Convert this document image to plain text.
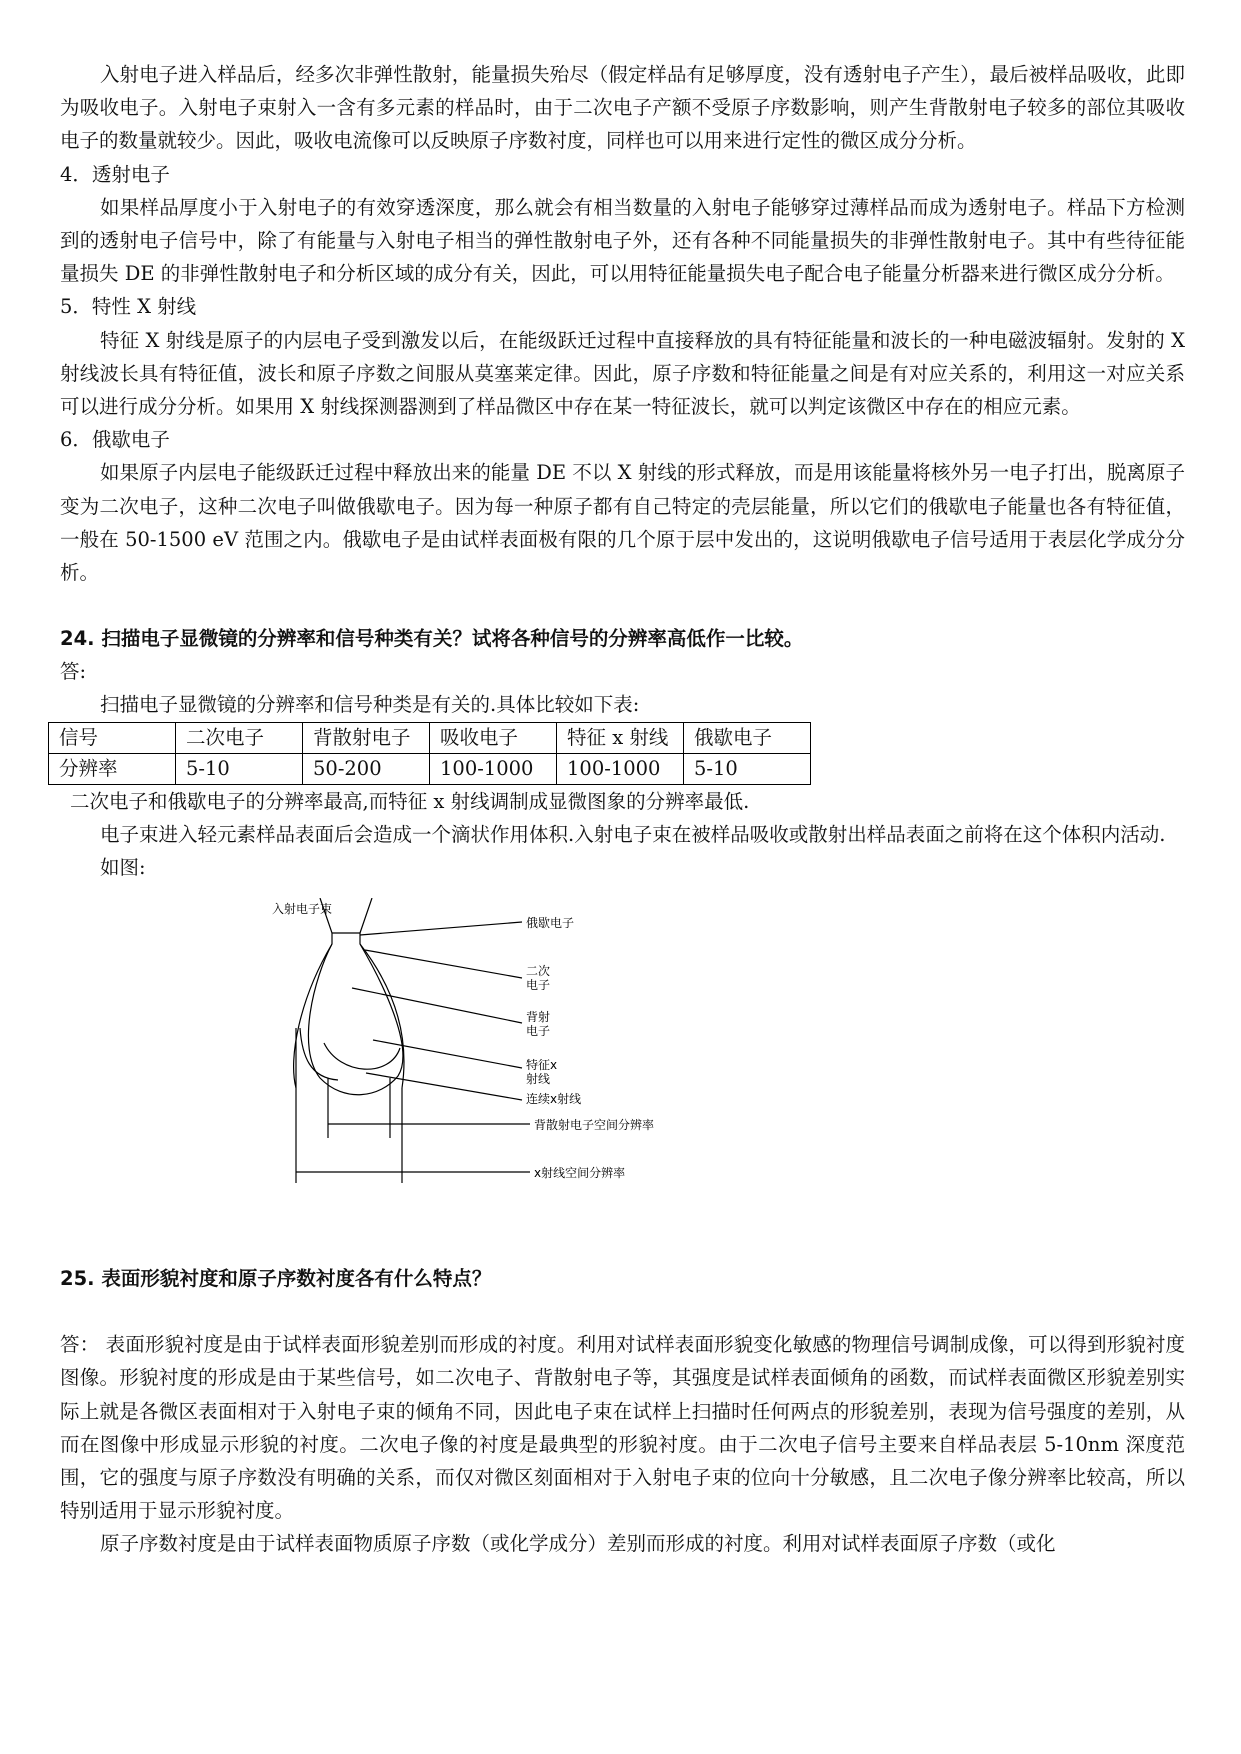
入射电子进入样品后，经多次非弹性散射，能量损失殆尽（假定样品有足够厚度，没有透射电子产生），最后被样品吸收，此即为吸收电子。入射电子束射入一含有多元素的样品时，由于二次电子产额不受原子序数影响，则产生背散射电子较多的部位其吸收电子的数量就较少。因此，吸收电流像可以反映原子序数衬度，同样也可以用来进行定性的微区成分分析。

4．透射电子

如果样品厚度小于入射电子的有效穿透深度，那么就会有相当数量的入射电子能够穿过薄样品而成为透射电子。样品下方检测到的透射电子信号中，除了有能量与入射电子相当的弹性散射电子外，还有各种不同能量损失的非弹性散射电子。其中有些待征能量损失 DE 的非弹性散射电子和分析区域的成分有关，因此，可以用特征能量损失电子配合电子能量分析器来进行微区成分分析。

5．特性 X 射线

特征 X 射线是原子的内层电子受到激发以后，在能级跃迁过程中直接释放的具有特征能量和波长的一种电磁波辐射。发射的 X 射线波长具有特征值，波长和原子序数之间服从莫塞莱定律。因此，原子序数和特征能量之间是有对应关系的，利用这一对应关系可以进行成分分析。如果用 X 射线探测器测到了样品微区中存在某一特征波长，就可以判定该微区中存在的相应元素。

6．俄歇电子

如果原子内层电子能级跃迁过程中释放出来的能量 DE 不以 X 射线的形式释放，而是用该能量将核外另一电子打出，脱离原子变为二次电子，这种二次电子叫做俄歇电子。因为每一种原子都有自己特定的壳层能量，所以它们的俄歇电子能量也各有特征值，一般在 50-1500 eV 范围之内。俄歇电子是由试样表面极有限的几个原于层中发出的，这说明俄歇电子信号适用于表层化学成分分析。

24. 扫描电子显微镜的分辨率和信号种类有关？试将各种信号的分辨率高低作一比较。

答:

扫描电子显微镜的分辨率和信号种类是有关的.具体比较如下表:

信号	二次电子	背散射电子	吸收电子	特征 x 射线	俄歇电子
分辨率	5-10	50-200	100-1000	100-1000	5-10

二次电子和俄歇电子的分辨率最高,而特征 x 射线调制成显微图象的分辨率最低.

电子束进入轻元素样品表面后会造成一个滴状作用体积.入射电子束在被样品吸收或散射出样品表面之前将在这个体积内活动.

如图:

入射电子束
俄歇电子
二次
电子
背射
电子
特征x
射线
连续x射线
背散射电子空间分辨率
x射线空间分辨率

25. 表面形貌衬度和原子序数衬度各有什么特点？

答： 表面形貌衬度是由于试样表面形貌差别而形成的衬度。利用对试样表面形貌变化敏感的物理信号调制成像，可以得到形貌衬度图像。形貌衬度的形成是由于某些信号，如二次电子、背散射电子等，其强度是试样表面倾角的函数，而试样表面微区形貌差别实际上就是各微区表面相对于入射电子束的倾角不同，因此电子束在试样上扫描时任何两点的形貌差别，表现为信号强度的差别，从而在图像中形成显示形貌的衬度。二次电子像的衬度是最典型的形貌衬度。由于二次电子信号主要来自样品表层 5-10nm 深度范围，它的强度与原子序数没有明确的关系，而仅对微区刻面相对于入射电子束的位向十分敏感，且二次电子像分辨率比较高，所以特别适用于显示形貌衬度。

原子序数衬度是由于试样表面物质原子序数（或化学成分）差别而形成的衬度。利用对试样表面原子序数（或化
